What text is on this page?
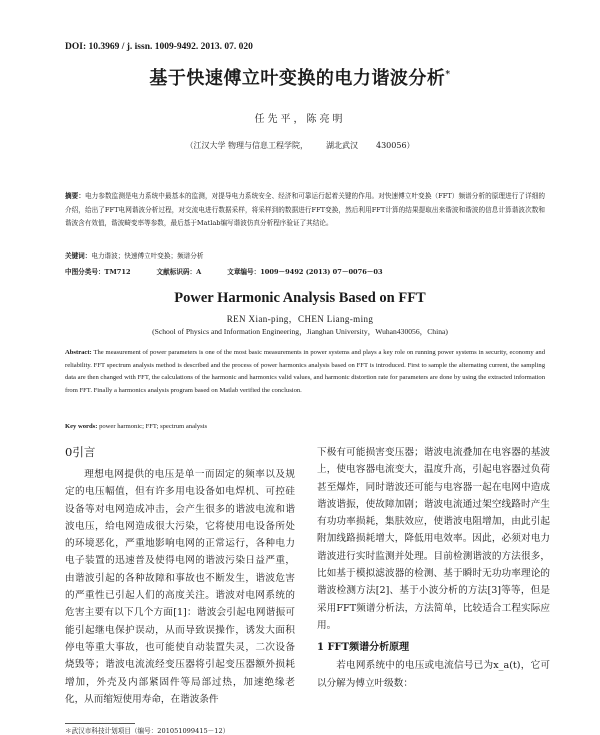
DOI: 10.3969 / j. issn. 1009-9492. 2013. 07. 020
基于快速傅立叶变换的电力谐波分析*
任先平，陈亮明
（江汉大学 物理与信息工程学院， 湖北武汉 430056）
摘要：电力参数监测是电力系统中最基本的监测，对提导电力系统安全、经济和可靠运行起着关键的作用。对快速傅立叶变换（FFT）频谱分析的原理进行了详细的介绍，给出了FFT电网谐波分析过程，对交流电进行数据采样，将采样到的数据进行FFT变换，然后利用FFT计算的结果提取出来谐波和谐波的信息计算谐波次数和谐波含有效值，谐波畸变率等参数，最后基于Matlab编写谐波仿真分析程序验证了其结论。
关键词：电力谐波；快速傅立叶变换；频谱分析
中图分类号：TM712	文献标识码：A	文章编号：1009－9492 (2013) 07－0076－03
Power Harmonic Analysis Based on FFT
REN Xian-ping，CHEN Liang-ming
(School of Physics and Information Engineering，Jianghan University，Wuhan430056，China)
Abstract: The measurement of power parameters is one of the most basic measurements in power systems and plays a key role on running power systems in security, economy and reliability. FFT spectrum analysis method is described and the process of power harmonics analysis based on FFT is introduced. First to sample the alternating current, the sampling data are then changed with FFT, the calculations of the harmonic and harmonics valid values, and harmonic distortion rate for parameters are done by using the extracted information from FFT. Finally a harmonics analysis program based on Matlab verified the conclusion.
Key words: power harmonic; FFT; spectrum analysis
0引言

理想电网提供的电压是单一而固定的频率以及规定的电压幅值，但有许多用电设备如电焊机、可控硅设备等对电网造成冲击，会产生很多的谐波电流和谐波电压，给电网造成很大污染，它将使用电设备所处的环境恶化，严重地影响电网的正常运行，各种电力电子装置的迅速普及使得电网的谐波污染日益严重，由谐波引起的各种故障和事故也不断发生，谐波危害的严重性已引起人们的高度关注。谐波对电网系统的危害主要有以下几个方面[1]：谐波会引起电网谐振可能引起继电保护误动，从而导致误操作，诱发大面积停电等重大事故，也可能使自动装置失灵，二次设备烧毁等；谐波电流流经变压器将引起变压器额外损耗增加，外壳及内部紧固件等局部过热，加速绝缘老化，从而缩短使用寿命，在谐波条件

下极有可能损害变压器；谐波电流叠加在电容器的基波上，使电容器电流变大，温度升高，引起电容器过负荷甚至爆炸，同时谐波还可能与电容器一起在电网中造成谐波谐振，使故障加剧；谐波电流通过架空线路时产生有功功率损耗，集肤效应，使谐波电阻增加，由此引起附加线路损耗增大，降低用电效率。因此，必须对电力谐波进行实时监测并处理。目前检测谐波的方法很多，比如基于模拟滤波器的检测、基于瞬时无功功率理论的谐波检测方法[2]、基于小波分析的方法[3]等等，但是采用FFT频谱分析法，方法简单，比较适合工程实际应用。

1 FFT频谱分析原理

若电网系统中的电压或电流信号已为x_a(t)，它可以分解为傅立叶级数：

＊武汉市科技计划项目（编号：201051099415－12）
